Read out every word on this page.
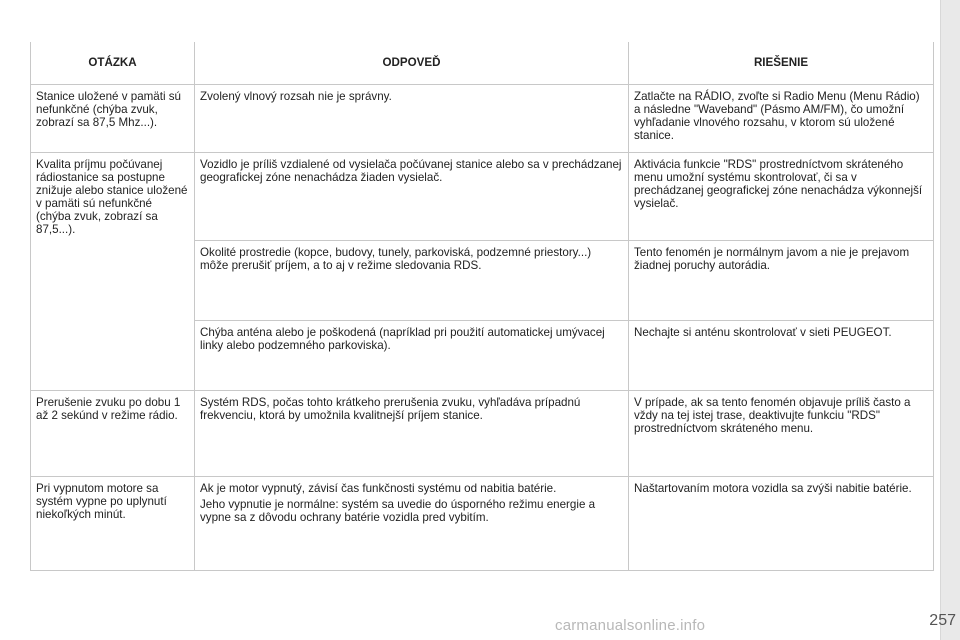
OTÁZKA	ODPOVEĎ	RIEŠENIE

Stanice uložené v pamäti sú nefunkčné (chýba zvuk, zobrazí sa 87,5 Mhz...).	Zvolený vlnový rozsah nie je správny.	Zatlačte na RÁDIO, zvoľte si Radio Menu (Menu Rádio) a následne "Waveband" (Pásmo AM/FM), čo umožní vyhľadanie vlnového rozsahu, v ktorom sú uložené stanice.

Kvalita príjmu počúvanej rádiostanice sa postupne znižuje alebo stanice uložené v pamäti sú nefunkčné (chýba zvuk, zobrazí sa 87,5...).	Vozidlo je príliš vzdialené od vysielača počúvanej stanice alebo sa v prechádzanej geografickej zóne nenachádza žiaden vysielač.	Aktivácia funkcie "RDS" prostredníctvom skráteného menu umožní systému skontrolovať, či sa v prechádzanej geografickej zóne nenachádza výkonnejší vysielač.

	Okolité prostredie (kopce, budovy, tunely, parkoviská, podzemné priestory...) môže prerušiť príjem, a to aj v režime sledovania RDS.	Tento fenomén je normálnym javom a nie je prejavom žiadnej poruchy autorádia.

	Chýba anténa alebo je poškodená (napríklad pri použití automatickej umývacej linky alebo podzemného parkoviska).	Nechajte si anténu skontrolovať v sieti PEUGEOT.

Prerušenie zvuku po dobu 1 až 2 sekúnd v režime rádio.	Systém RDS, počas tohto krátkeho prerušenia zvuku, vyhľadáva prípadnú frekvenciu, ktorá by umožnila kvalitnejší príjem stanice.	V prípade, ak sa tento fenomén objavuje príliš často a vždy na tej istej trase, deaktivujte funkciu "RDS" prostredníctvom skráteného menu.

Pri vypnutom motore sa systém vypne po uplynutí niekoľkých minút.	Ak je motor vypnutý, závisí čas funkčnosti systému od nabitia batérie.
Jeho vypnutie je normálne: systém sa uvedie do úsporného režimu energie a vypne sa z dôvodu ochrany batérie vozidla pred vybitím.	Naštartovaním motora vozidla sa zvýši nabitie batérie.
carmanualsonline.info	257
